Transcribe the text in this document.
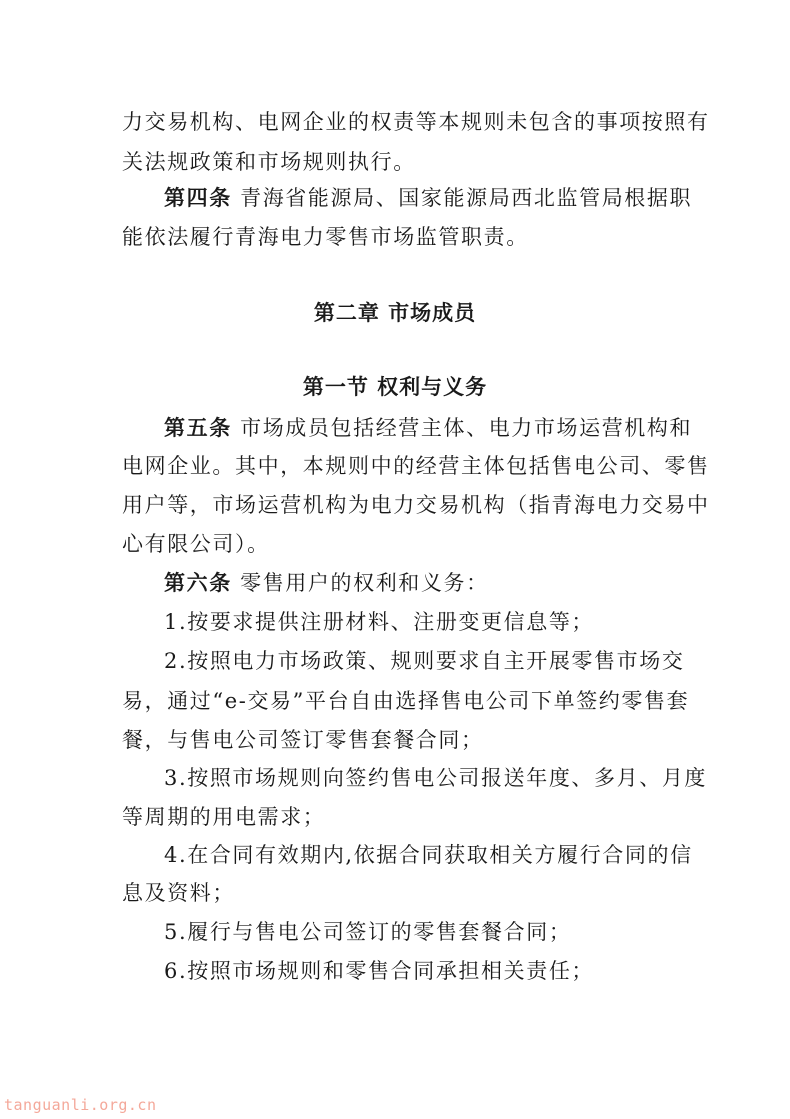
力交易机构、电网企业的权责等本规则未包含的事项按照有
关法规政策和市场规则执行。
第四条 青海省能源局、国家能源局西北监管局根据职
能依法履行青海电力零售市场监管职责。
第二章 市场成员
第一节 权利与义务
第五条 市场成员包括经营主体、电力市场运营机构和
电网企业。其中，本规则中的经营主体包括售电公司、零售
用户等，市场运营机构为电力交易机构（指青海电力交易中
心有限公司）。
第六条 零售用户的权利和义务：
1.按要求提供注册材料、注册变更信息等；
2.按照电力市场政策、规则要求自主开展零售市场交
易，通过“e-交易”平台自由选择售电公司下单签约零售套
餐，与售电公司签订零售套餐合同；
3.按照市场规则向签约售电公司报送年度、多月、月度
等周期的用电需求；
4.在合同有效期内,依据合同获取相关方履行合同的信
息及资料；
5.履行与售电公司签订的零售套餐合同；
6.按照市场规则和零售合同承担相关责任；
tanguanli.org.cn
